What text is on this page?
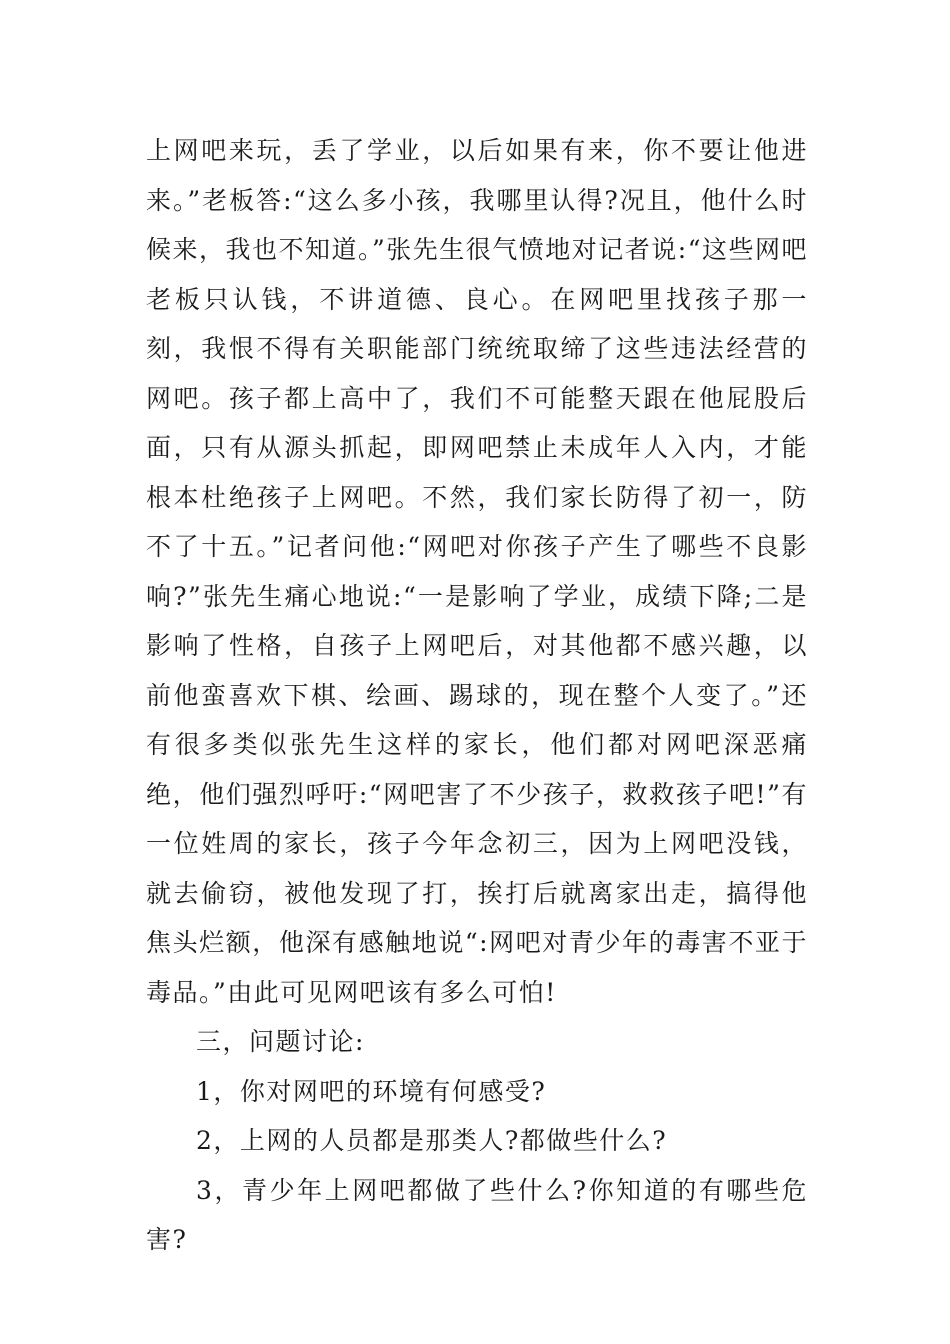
上网吧来玩，丢了学业，以后如果有来，你不要让他进来。”老板答:“这么多小孩，我哪里认得?况且，他什么时候来，我也不知道。”张先生很气愤地对记者说:“这些网吧老板只认钱，不讲道德、良心。在网吧里找孩子那一刻，我恨不得有关职能部门统统取缔了这些违法经营的网吧。孩子都上高中了，我们不可能整天跟在他屁股后面，只有从源头抓起，即网吧禁止未成年人入内，才能根本杜绝孩子上网吧。不然，我们家长防得了初一，防不了十五。”记者问他:“网吧对你孩子产生了哪些不良影响?”张先生痛心地说:“一是影响了学业，成绩下降;二是影响了性格，自孩子上网吧后，对其他都不感兴趣，以前他蛮喜欢下棋、绘画、踢球的，现在整个人变了。”还有很多类似张先生这样的家长，他们都对网吧深恶痛绝，他们强烈呼吁:“网吧害了不少孩子，救救孩子吧!”有一位姓周的家长，孩子今年念初三，因为上网吧没钱，就去偷窃，被他发现了打，挨打后就离家出走，搞得他焦头烂额，他深有感触地说“:网吧对青少年的毒害不亚于毒品。”由此可见网吧该有多么可怕!

三，问题讨论:

1，你对网吧的环境有何感受?

2，上网的人员都是那类人?都做些什么?

3，青少年上网吧都做了些什么?你知道的有哪些危害?
